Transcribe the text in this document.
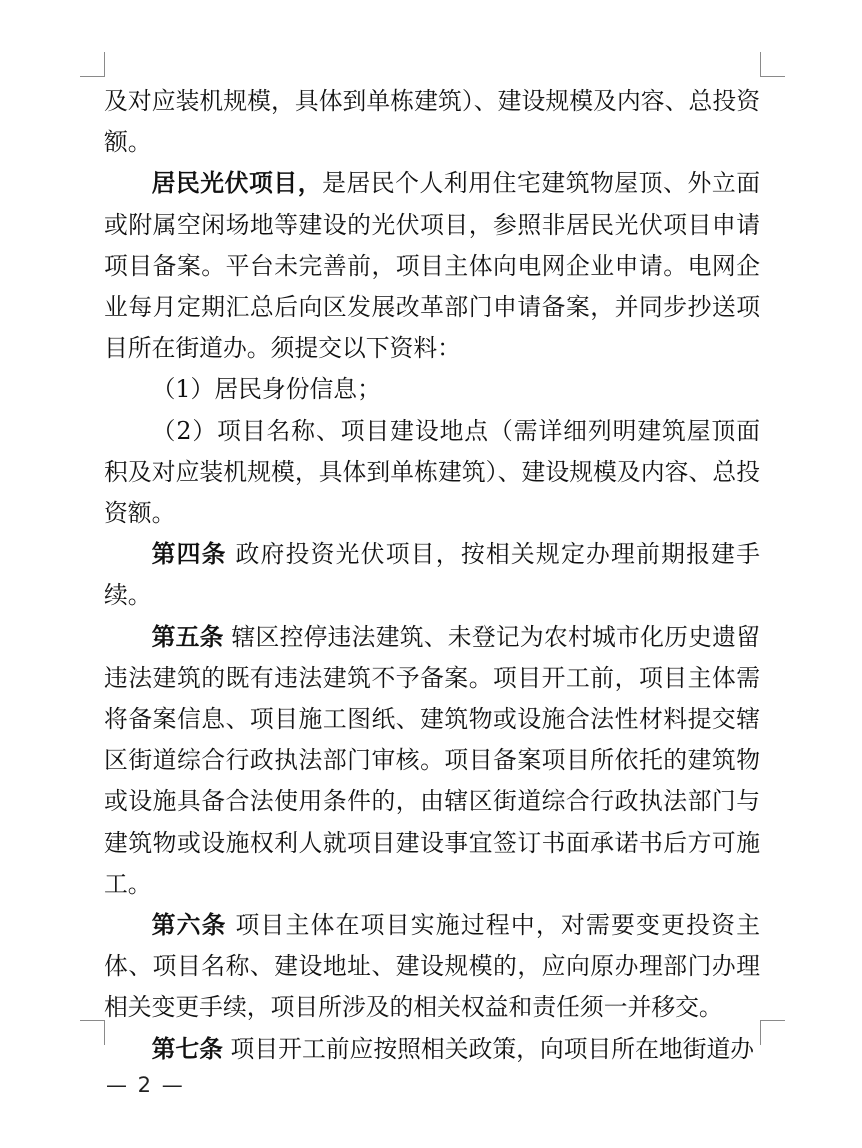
及对应装机规模，具体到单栋建筑）、建设规模及内容、总投资额。

居民光伏项目，是居民个人利用住宅建筑物屋顶、外立面或附属空闲场地等建设的光伏项目，参照非居民光伏项目申请项目备案。平台未完善前，项目主体向电网企业申请。电网企业每月定期汇总后向区发展改革部门申请备案，并同步抄送项目所在街道办。须提交以下资料：

（1）居民身份信息；

（2）项目名称、项目建设地点（需详细列明建筑屋顶面积及对应装机规模，具体到单栋建筑）、建设规模及内容、总投资额。

第四条 政府投资光伏项目，按相关规定办理前期报建手续。

第五条 辖区控停违法建筑、未登记为农村城市化历史遗留违法建筑的既有违法建筑不予备案。项目开工前，项目主体需将备案信息、项目施工图纸、建筑物或设施合法性材料提交辖区街道综合行政执法部门审核。项目备案项目所依托的建筑物或设施具备合法使用条件的，由辖区街道综合行政执法部门与建筑物或设施权利人就项目建设事宜签订书面承诺书后方可施工。

第六条 项目主体在项目实施过程中，对需要变更投资主体、项目名称、建设地址、建设规模的，应向原办理部门办理相关变更手续，项目所涉及的相关权益和责任须一并移交。

第七条 项目开工前应按照相关政策，向项目所在地街道办

— 2 —
